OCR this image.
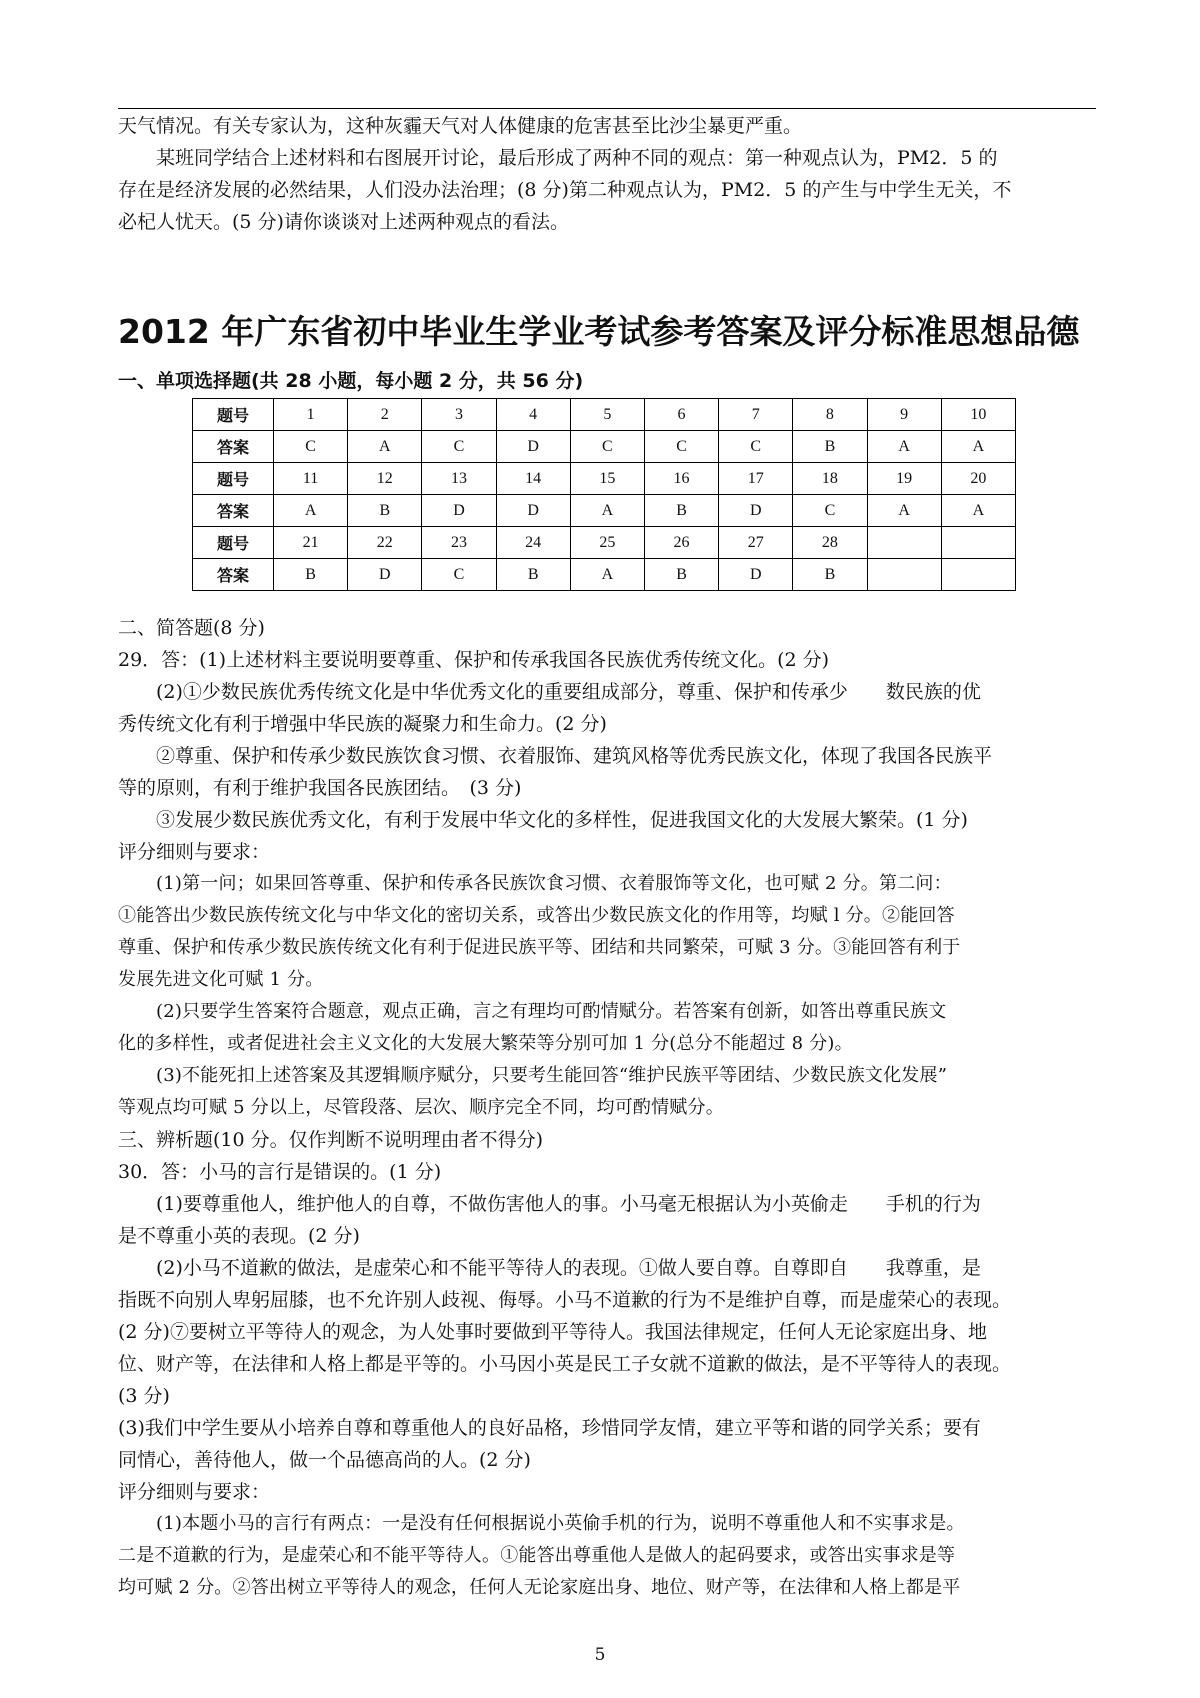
天气情况。有关专家认为，这种灰霾天气对人体健康的危害甚至比沙尘暴更严重。
某班同学结合上述材料和右图展开讨论，最后形成了两种不同的观点：第一种观点认为，PM2．5 的
存在是经济发展的必然结果，人们没办法治理；(8 分)第二种观点认为，PM2．5 的产生与中学生无关，不
必杞人忧天。(5 分)请你谈谈对上述两种观点的看法。
2012 年广东省初中毕业生学业考试参考答案及评分标准思想品德
一、单项选择题(共 28 小题，每小题 2 分，共 56 分)
题号	1	2	3	4	5	6	7	8	9	10
答案	C	A	C	D	C	C	C	B	A	A
题号	11	12	13	14	15	16	17	18	19	20
答案	A	B	D	D	A	B	D	C	A	A
题号	21	22	23	24	25	26	27	28		
答案	B	D	C	B	A	B	D	B		
二、简答题(8 分)
29．答：(1)上述材料主要说明要尊重、保护和传承我国各民族优秀传统文化。(2 分)
(2)①少数民族优秀传统文化是中华优秀文化的重要组成部分，尊重、保护和传承少　　数民族的优
秀传统文化有利于增强中华民族的凝聚力和生命力。(2 分)
②尊重、保护和传承少数民族饮食习惯、衣着服饰、建筑风格等优秀民族文化，体现了我国各民族平
等的原则，有利于维护我国各民族团结。　(3 分)
③发展少数民族优秀文化，有利于发展中华文化的多样性，促进我国文化的大发展大繁荣。(1 分)
评分细则与要求：
(1)第一问；如果回答尊重、保护和传承各民族饮食习惯、衣着服饰等文化，也可赋 2 分。第二问：
①能答出少数民族传统文化与中华文化的密切关系，或答出少数民族文化的作用等，均赋 l 分。②能回答
尊重、保护和传承少数民族传统文化有利于促进民族平等、团结和共同繁荣，可赋 3 分。③能回答有利于
发展先进文化可赋 1 分。
(2)只要学生答案符合题意，观点正确，言之有理均可酌情赋分。若答案有创新，如答出尊重民族文
化的多样性，或者促进社会主义文化的大发展大繁荣等分别可加 1 分(总分不能超过 8 分)。
(3)不能死扣上述答案及其逻辑顺序赋分，只要考生能回答“维护民族平等团结、少数民族文化发展”
等观点均可赋 5 分以上，尽管段落、层次、顺序完全不同，均可酌情赋分。
三、辨析题(10 分。仅作判断不说明理由者不得分)
30．答：小马的言行是错误的。(1 分)
(1)要尊重他人，维护他人的自尊，不做伤害他人的事。小马毫无根据认为小英偷走　　手机的行为
是不尊重小英的表现。(2 分)
(2)小马不道歉的做法，是虚荣心和不能平等待人的表现。①做人要自尊。自尊即自　　我尊重，是
指既不向别人卑躬屈膝，也不允许别人歧视、侮辱。小马不道歉的行为不是维护自尊，而是虚荣心的表现。
(2 分)⑦要树立平等待人的观念，为人处事时要做到平等待人。我国法律规定，任何人无论家庭出身、地
位、财产等，在法律和人格上都是平等的。小马因小英是民工子女就不道歉的做法，是不平等待人的表现。
(3 分)
(3)我们中学生要从小培养自尊和尊重他人的良好品格，珍惜同学友情，建立平等和谐的同学关系；要有
同情心，善待他人，做一个品德高尚的人。(2 分)
评分细则与要求：
(1)本题小马的言行有两点：一是没有任何根据说小英偷手机的行为，说明不尊重他人和不实事求是。
二是不道歉的行为，是虚荣心和不能平等待人。①能答出尊重他人是做人的起码要求，或答出实事求是等
均可赋 2 分。②答出树立平等待人的观念，任何人无论家庭出身、地位、财产等，在法律和人格上都是平
5
